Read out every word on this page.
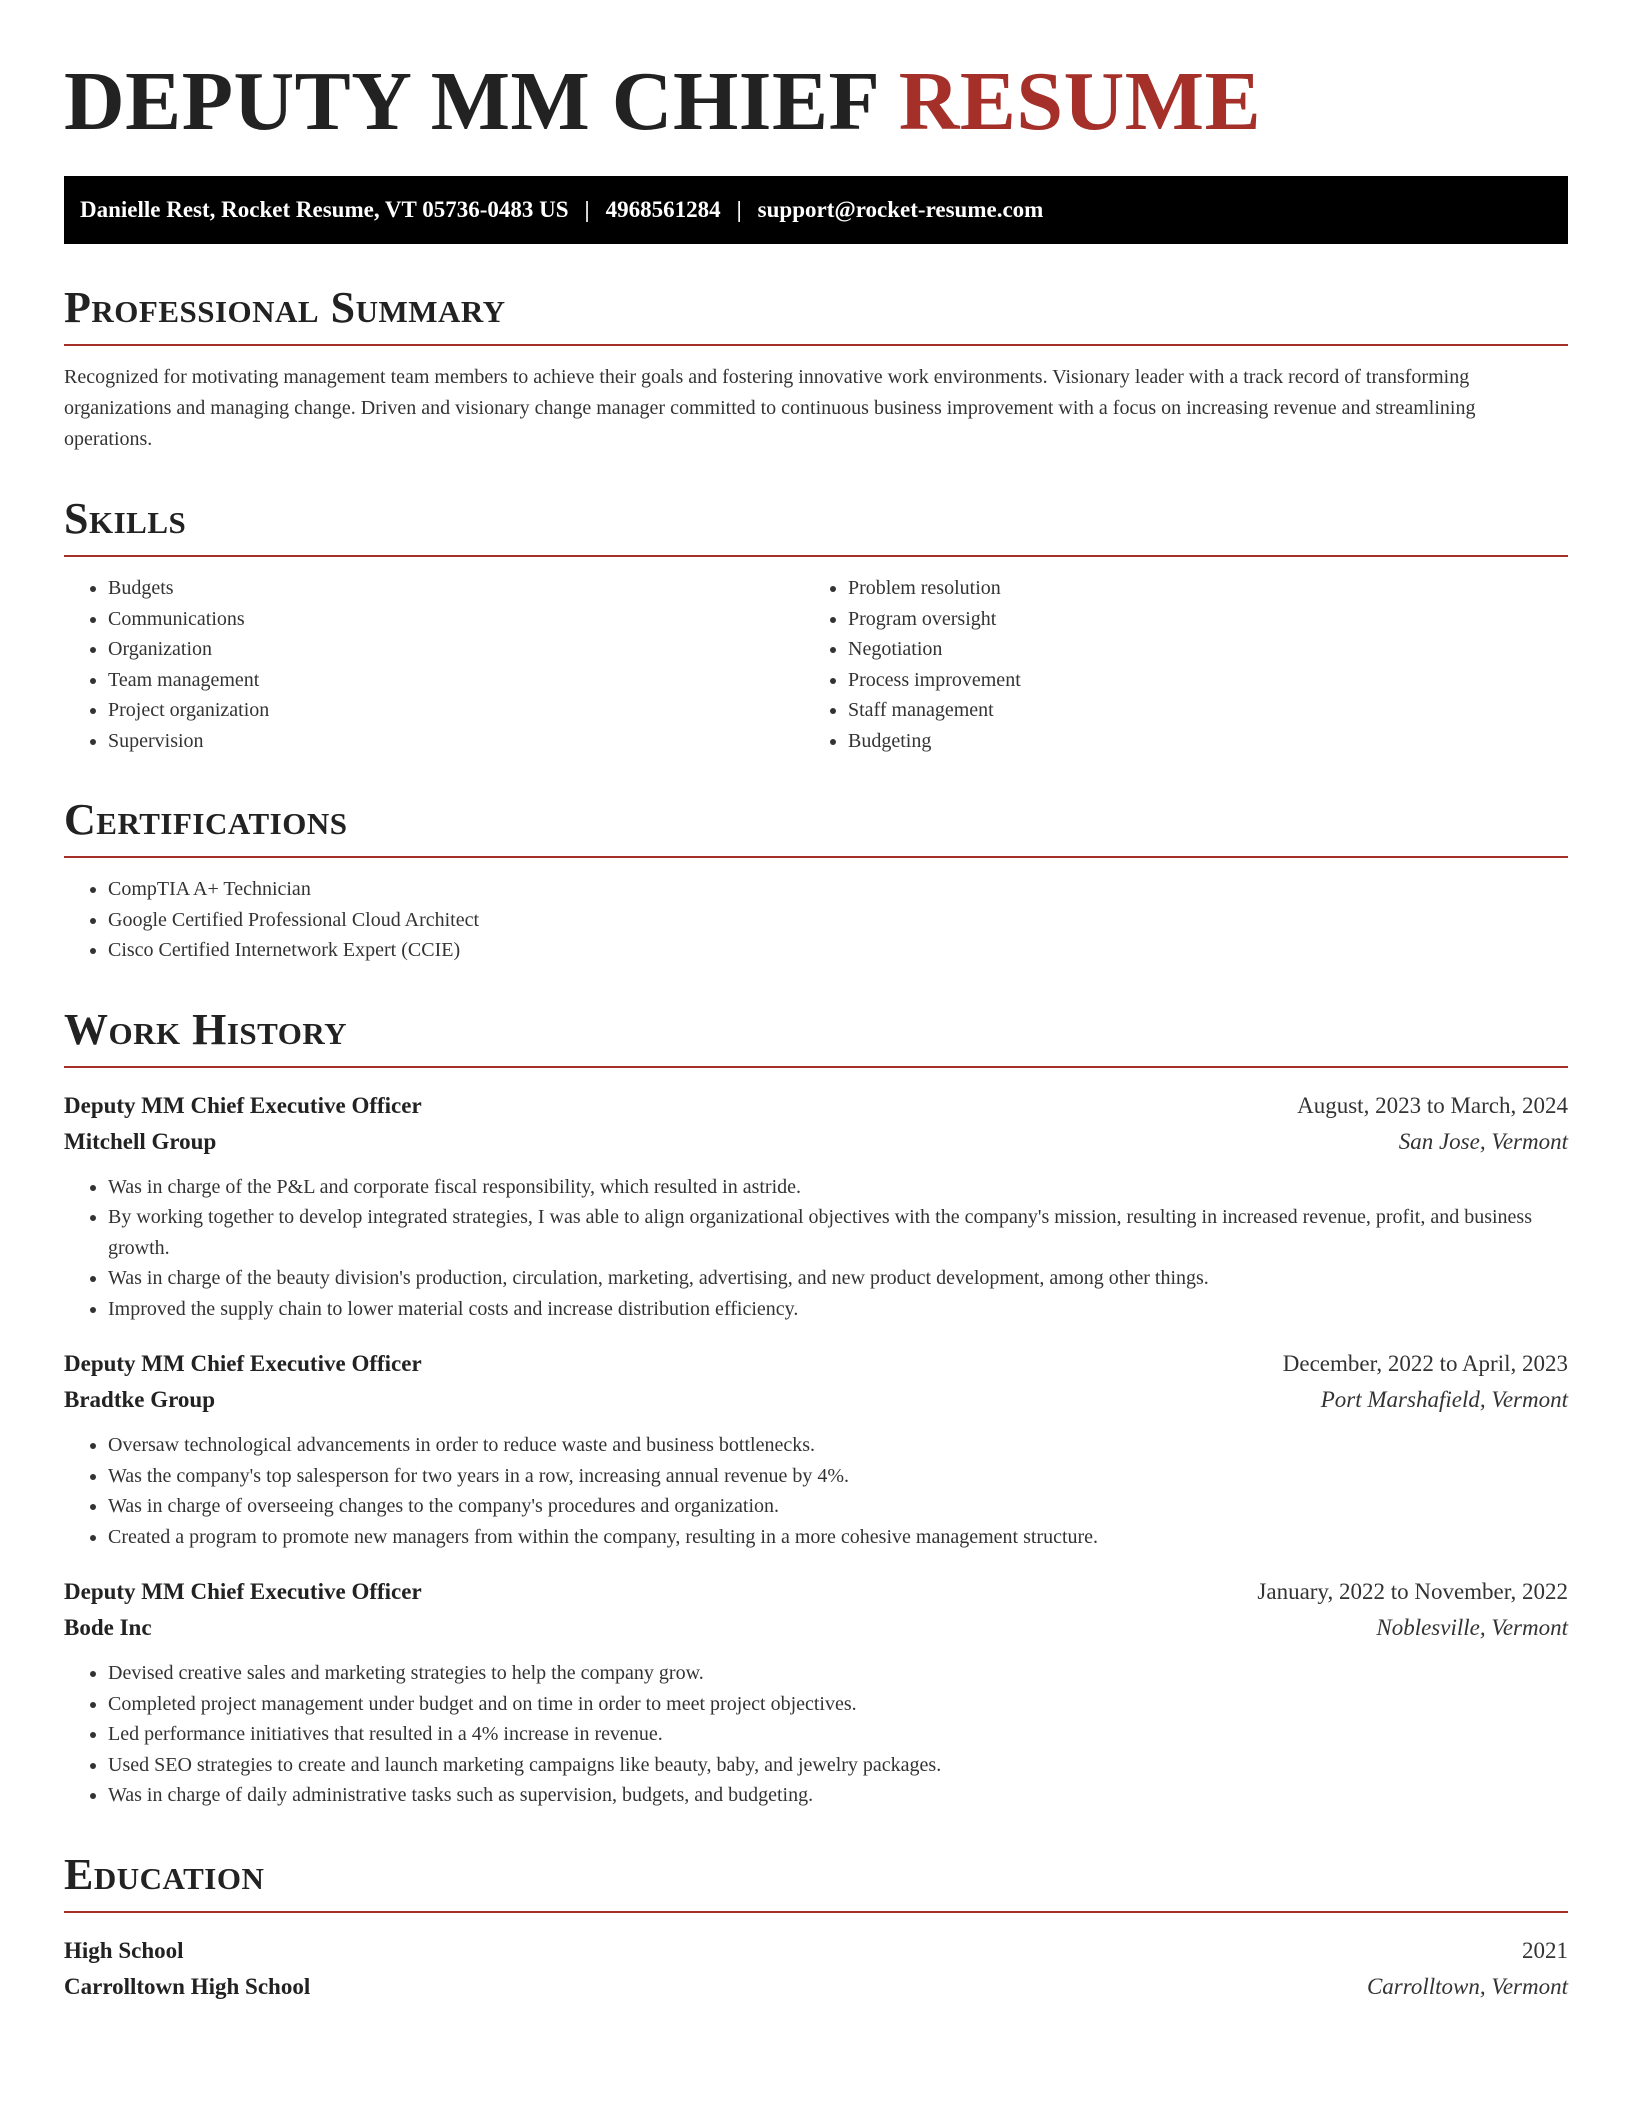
DEPUTY MM CHIEF RESUME
Danielle Rest, Rocket Resume, VT 05736-0483 US | 4968561284 | support@rocket-resume.com
Professional Summary

Recognized for motivating management team members to achieve their goals and fostering innovative work environments. Visionary leader with a track record of transforming organizations and managing change. Driven and visionary change manager committed to continuous business improvement with a focus on increasing revenue and streamlining operations.

Skills
• Budgets
• Communications
• Organization
• Team management
• Project organization
• Supervision
• Problem resolution
• Program oversight
• Negotiation
• Process improvement
• Staff management
• Budgeting
Certifications
• CompTIA A+ Technician
• Google Certified Professional Cloud Architect
• Cisco Certified Internetwork Expert (CCIE)
Work History
Deputy MM Chief Executive Officer	August, 2023 to March, 2024
Mitchell Group	San Jose, Vermont
• Was in charge of the P&L and corporate fiscal responsibility, which resulted in astride.
• By working together to develop integrated strategies, I was able to align organizational objectives with the company's mission, resulting in increased revenue, profit, and business growth.
• Was in charge of the beauty division's production, circulation, marketing, advertising, and new product development, among other things.
• Improved the supply chain to lower material costs and increase distribution efficiency.
Deputy MM Chief Executive Officer	December, 2022 to April, 2023
Bradtke Group	Port Marshafield, Vermont
• Oversaw technological advancements in order to reduce waste and business bottlenecks.
• Was the company's top salesperson for two years in a row, increasing annual revenue by 4%.
• Was in charge of overseeing changes to the company's procedures and organization.
• Created a program to promote new managers from within the company, resulting in a more cohesive management structure.
Deputy MM Chief Executive Officer	January, 2022 to November, 2022
Bode Inc	Noblesville, Vermont
• Devised creative sales and marketing strategies to help the company grow.
• Completed project management under budget and on time in order to meet project objectives.
• Led performance initiatives that resulted in a 4% increase in revenue.
• Used SEO strategies to create and launch marketing campaigns like beauty, baby, and jewelry packages.
• Was in charge of daily administrative tasks such as supervision, budgets, and budgeting.
Education
High School	2021
Carrolltown High School	Carrolltown, Vermont
